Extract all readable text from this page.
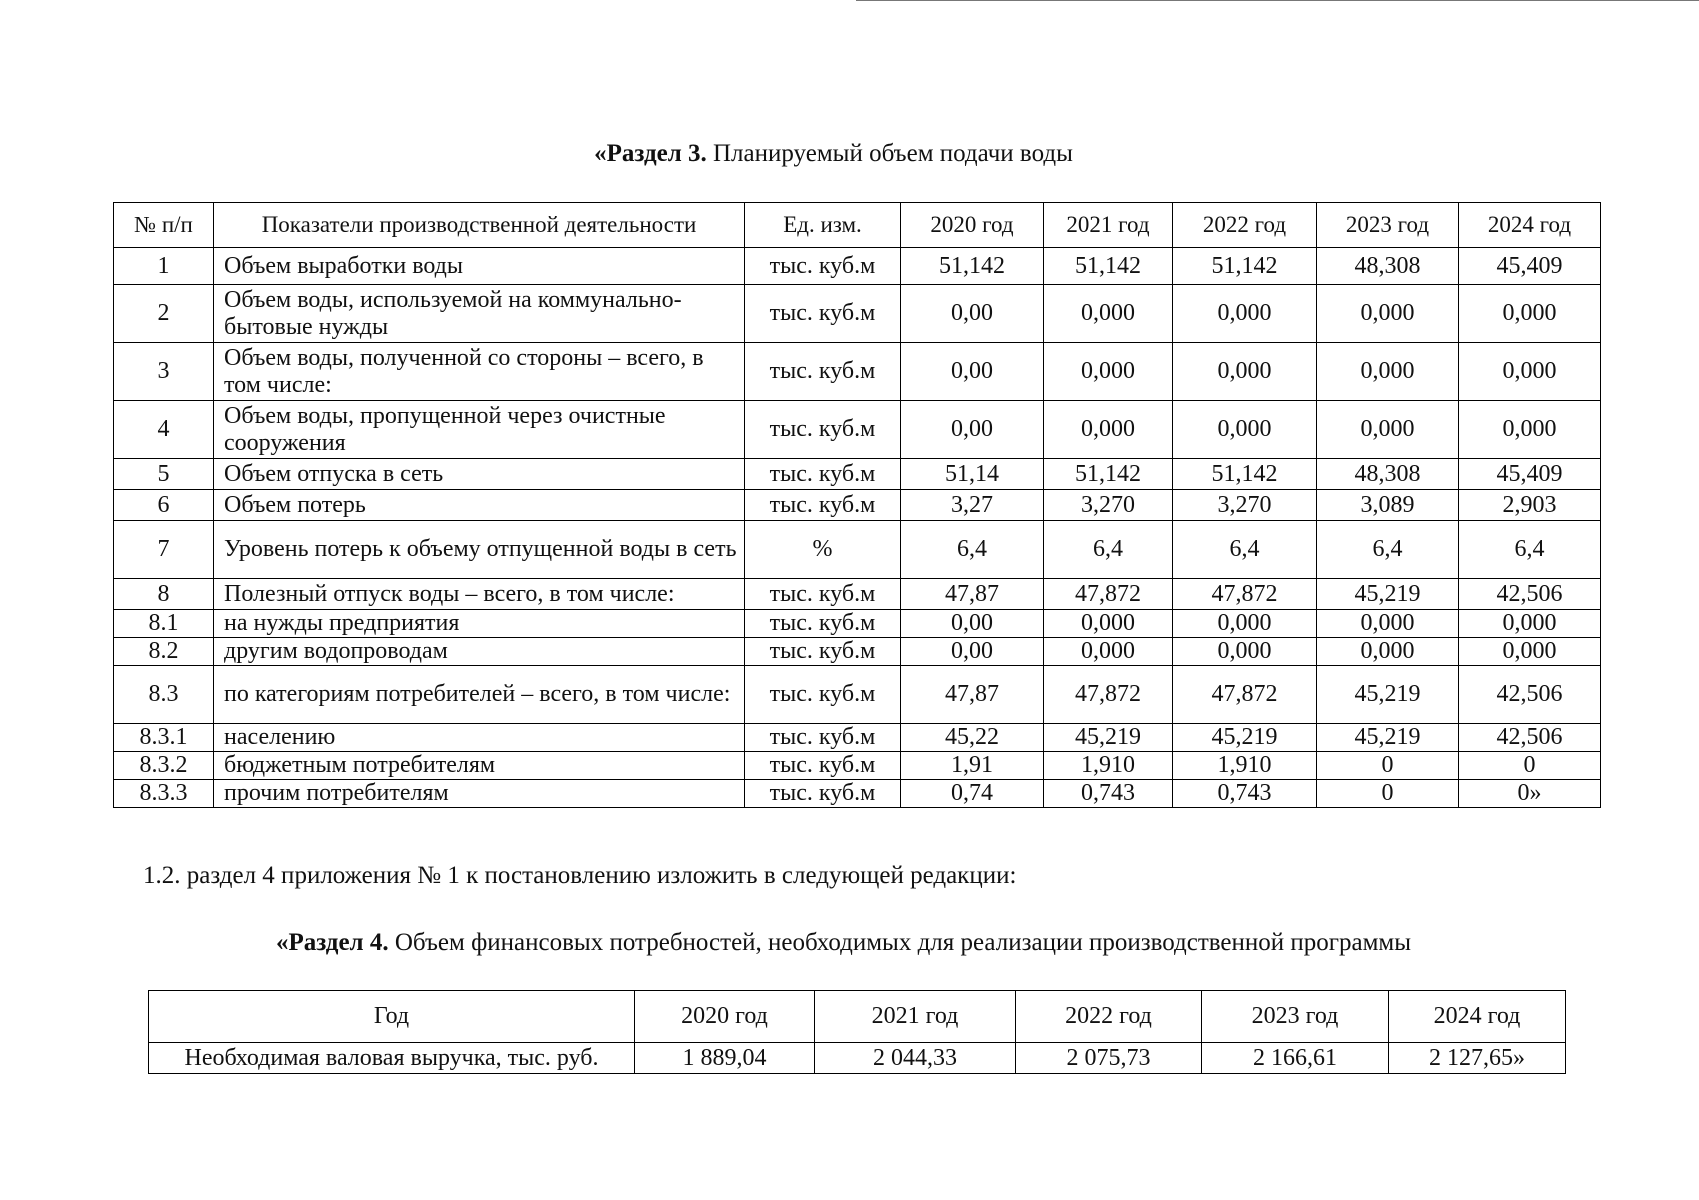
«Раздел 3. Планируемый объем подачи воды
№ п/п	Показатели производственной деятельности	Ед. изм.	2020 год	2021 год	2022 год	2023 год	2024 год
1	Объем выработки воды	тыс. куб.м	51,142	51,142	51,142	48,308	45,409
2	Объем воды, используемой на коммунально-бытовые нужды	тыс. куб.м	0,00	0,000	0,000	0,000	0,000
3	Объем воды, полученной со стороны – всего, в том числе:	тыс. куб.м	0,00	0,000	0,000	0,000	0,000
4	Объем воды, пропущенной через очистные сооружения	тыс. куб.м	0,00	0,000	0,000	0,000	0,000
5	Объем отпуска в сеть	тыс. куб.м	51,14	51,142	51,142	48,308	45,409
6	Объем потерь	тыс. куб.м	3,27	3,270	3,270	3,089	2,903
7	Уровень потерь к объему отпущенной воды в сеть	%	6,4	6,4	6,4	6,4	6,4
8	Полезный отпуск воды – всего, в том числе:	тыс. куб.м	47,87	47,872	47,872	45,219	42,506
8.1	на нужды предприятия	тыс. куб.м	0,00	0,000	0,000	0,000	0,000
8.2	другим водопроводам	тыс. куб.м	0,00	0,000	0,000	0,000	0,000
8.3	по категориям потребителей – всего, в том числе:	тыс. куб.м	47,87	47,872	47,872	45,219	42,506
8.3.1	населению	тыс. куб.м	45,22	45,219	45,219	45,219	42,506
8.3.2	бюджетным потребителям	тыс. куб.м	1,91	1,910	1,910	0	0
8.3.3	прочим потребителям	тыс. куб.м	0,74	0,743	0,743	0	0»
1.2. раздел 4 приложения № 1 к постановлению изложить в следующей редакции:
«Раздел 4. Объем финансовых потребностей, необходимых для реализации производственной программы
Год	2020 год	2021 год	2022 год	2023 год	2024 год
Необходимая валовая выручка, тыс. руб.	1 889,04	2 044,33	2 075,73	2 166,61	2 127,65»
